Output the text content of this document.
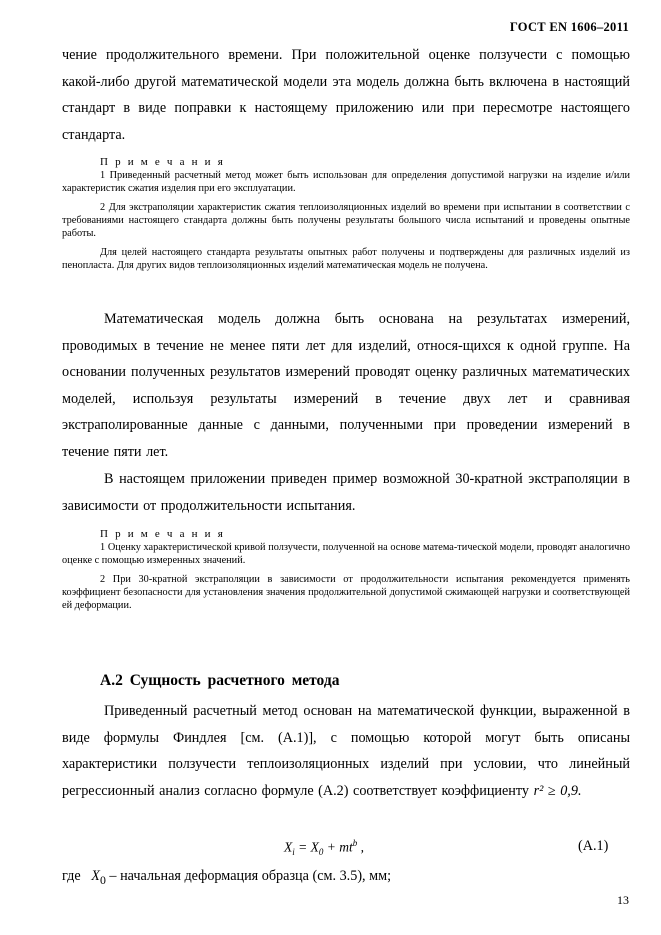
ГОСТ EN 1606–2011
чение продолжительного времени. При положительной оценке ползучести с помощью какой-либо другой математической модели эта модель должна быть включена в настоящий стандарт в виде поправки к настоящему приложению или при пересмотре настоящего стандарта.
П р и м е ч а н и я
1 Приведенный расчетный метод может быть использован для определения допустимой нагрузки на изделие и/или характеристик сжатия изделия при его эксплуатации.
2 Для экстраполяции характеристик сжатия теплоизоляционных изделий во времени при испытании в соответствии с требованиями настоящего стандарта должны быть получены результаты большого числа испытаний и проведены опытные работы.
Для целей настоящего стандарта результаты опытных работ получены и подтверждены для различных изделий из пенопласта. Для других видов теплоизоляционных изделий математическая модель не получена.
Математическая модель должна быть основана на результатах измерений, проводимых в течение не менее пяти лет для изделий, относя-щихся к одной группе. На основании полученных результатов измерений проводят оценку различных математических моделей, используя результаты измерений в течение двух лет и сравнивая экстраполированные данные с данными, полученными при проведении измерений в течение пяти лет.
В настоящем приложении приведен пример возможной 30-кратной экстраполяции в зависимости от продолжительности испытания.
П р и м е ч а н и я
1 Оценку характеристической кривой ползучести, полученной на основе матема-тической модели, проводят аналогично оценке с помощью измеренных значений.
2 При 30-кратной экстраполяции в зависимости от продолжительности испытания рекомендуется применять коэффициент безопасности для установления значения продолжительной допустимой сжимающей нагрузки и соответствующей ей деформации.
А.2 Сущность расчетного метода
Приведенный расчетный метод основан на математической функции, выраженной в виде формулы Финдлея [см. (А.1)], с помощью которой могут быть описаны характеристики ползучести теплоизоляционных изделий при условии, что линейный регрессионный анализ согласно формуле (А.2) соответствует коэффициенту r² ≥ 0,9.
$X_i = X_0 + mt^b$ ,	(А.1)
где $X_0$ – начальная деформация образца (см. 3.5), мм;
13
